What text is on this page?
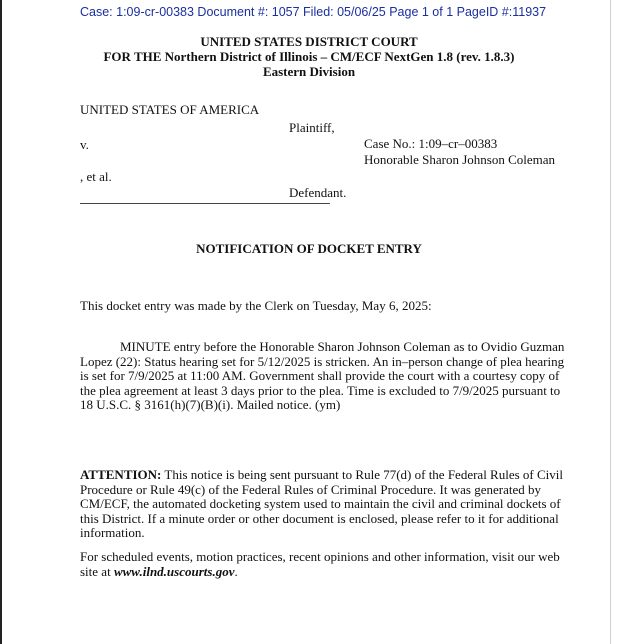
Case: 1:09-cr-00383 Document #: 1057 Filed: 05/06/25 Page 1 of 1 PageID #:11937
UNITED STATES DISTRICT COURT
FOR THE Northern District of Illinois – CM/ECF NextGen 1.8 (rev. 1.8.3)
Eastern Division
UNITED STATES OF AMERICA
Plaintiff,
v.	Case No.: 1:09–cr–00383
Honorable Sharon Johnson Coleman
, et al.
Defendant.
NOTIFICATION OF DOCKET ENTRY
This docket entry was made by the Clerk on Tuesday, May 6, 2025:
MINUTE entry before the Honorable Sharon Johnson Coleman as to Ovidio Guzman Lopez (22): Status hearing set for 5/12/2025 is stricken. An in–person change of plea hearing is set for 7/9/2025 at 11:00 AM. Government shall provide the court with a courtesy copy of the plea agreement at least 3 days prior to the plea. Time is excluded to 7/9/2025 pursuant to 18 U.S.C. § 3161(h)(7)(B)(i). Mailed notice. (ym)
ATTENTION: This notice is being sent pursuant to Rule 77(d) of the Federal Rules of Civil Procedure or Rule 49(c) of the Federal Rules of Criminal Procedure. It was generated by CM/ECF, the automated docketing system used to maintain the civil and criminal dockets of this District. If a minute order or other document is enclosed, please refer to it for additional information.
For scheduled events, motion practices, recent opinions and other information, visit our web site at www.ilnd.uscourts.gov.
